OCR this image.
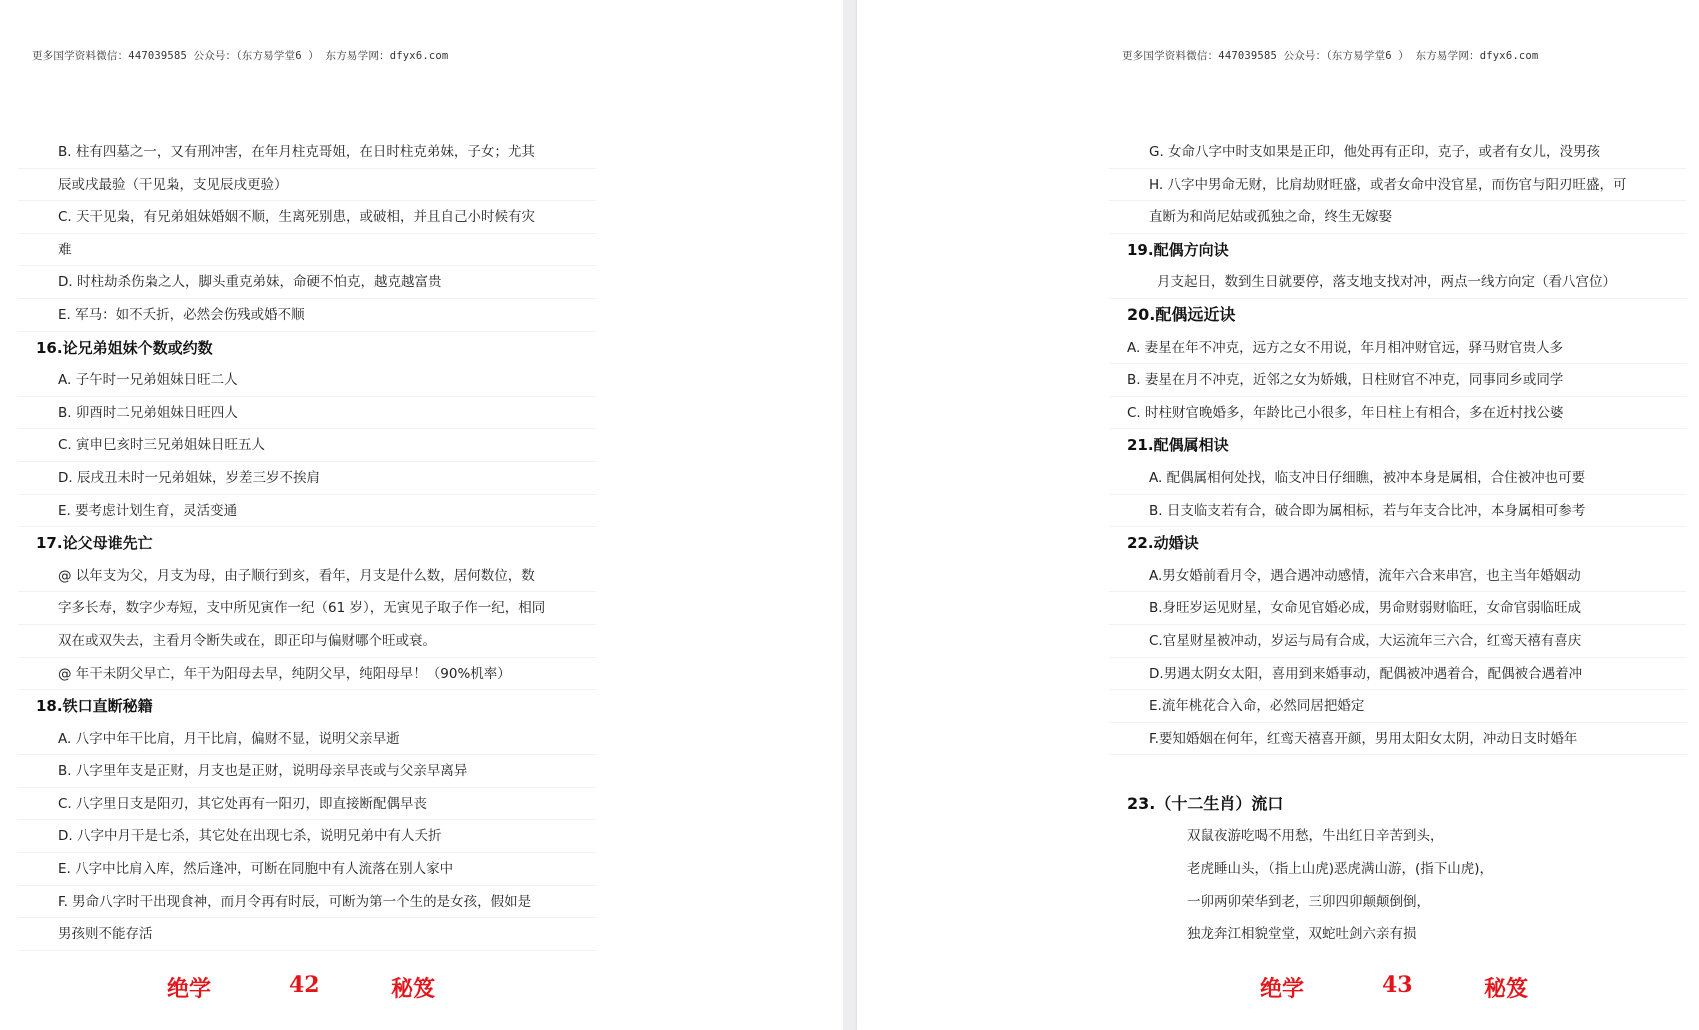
更多国学资料微信：447039585 公众号：（东方易学堂6 ） 东方易学网：dfyx6.com
B. 柱有四墓之一，又有刑冲害，在年月柱克哥姐，在日时柱克弟妹，子女；尤其
辰或戌最验（干见枭，支见辰戌更验）
C. 天干见枭，有兄弟姐妹婚姻不顺，生离死别患，或破相，并且自己小时候有灾
难
D. 时柱劫杀伤枭之人，脚头重克弟妹，命硬不怕克，越克越富贵
E. 军马：如不夭折，必然会伤残或婚不顺
16.论兄弟姐妹个数或约数
A. 子午时一兄弟姐妹日旺二人
B. 卯酉时二兄弟姐妹日旺四人
C. 寅申巳亥时三兄弟姐妹日旺五人
D. 辰戌丑未时一兄弟姐妹，岁差三岁不挨肩
E. 要考虑计划生育，灵活变通
17.论父母谁先亡
@ 以年支为父，月支为母，由子顺行到亥，看年，月支是什么数，居何数位，数
字多长寿，数字少寿短，支中所见寅作一纪（61 岁），无寅见子取子作一纪，相同
双在或双失去，主看月令断失或在，即正印与偏财哪个旺或衰。
@ 年干未阴父早亡，年干为阳母去早，纯阴父早，纯阳母早！（90%机率）
18.铁口直断秘籍
A. 八字中年干比肩，月干比肩，偏财不显，说明父亲早逝
B. 八字里年支是正财，月支也是正财，说明母亲早丧或与父亲早离异
C. 八字里日支是阳刃，其它处再有一阳刃，即直接断配偶早丧
D. 八字中月干是七杀，其它处在出现七杀，说明兄弟中有人夭折
E. 八字中比肩入库，然后逢冲，可断在同胞中有人流落在别人家中
F. 男命八字时干出现食神，而月令再有时辰，可断为第一个生的是女孩，假如是
男孩则不能存活
绝学	42	秘笈
更多国学资料微信：447039585 公众号：（东方易学堂6 ） 东方易学网：dfyx6.com
G. 女命八字中时支如果是正印，他处再有正印，克子，或者有女儿，没男孩
H. 八字中男命无财，比肩劫财旺盛，或者女命中没官星，而伤官与阳刃旺盛，可
直断为和尚尼姑或孤独之命，终生无嫁娶
19.配偶方向诀
月支起日，数到生日就要停，落支地支找对冲，两点一线方向定（看八宫位）
20.配偶远近诀
A. 妻星在年不冲克，远方之女不用说，年月相冲财官远，驿马财官贵人多
B. 妻星在月不冲克，近邻之女为娇娥，日柱财官不冲克，同事同乡或同学
C. 时柱财官晚婚多，年龄比己小很多，年日柱上有相合，多在近村找公婆
21.配偶属相诀
A. 配偶属相何处找，临支冲日仔细瞧，被冲本身是属相，合住被冲也可要
B. 日支临支若有合，破合即为属相标，若与年支合比冲，本身属相可参考
22.动婚诀
A.男女婚前看月令，遇合遇冲动感情，流年六合来串宫，也主当年婚姻动
B.身旺岁运见财星，女命见官婚必成，男命财弱财临旺，女命官弱临旺成
C.官星财星被冲动，岁运与局有合成，大运流年三六合，红鸾天禧有喜庆
D.男遇太阴女太阳，喜用到来婚事动，配偶被冲遇着合，配偶被合遇着冲
E.流年桃花合入命，必然同居把婚定
F.要知婚姻在何年，红鸾天禧喜开颜，男用太阳女太阴，冲动日支时婚年
23.（十二生肖）流口
双鼠夜游吃喝不用愁，牛出红日辛苦到头，
老虎睡山头，（指上山虎)恶虎满山游，(指下山虎)，
一卯两卯荣华到老，三卯四卯颠颠倒倒，
独龙奔江相貌堂堂，双蛇吐剑六亲有损
绝学	43	秘笈
